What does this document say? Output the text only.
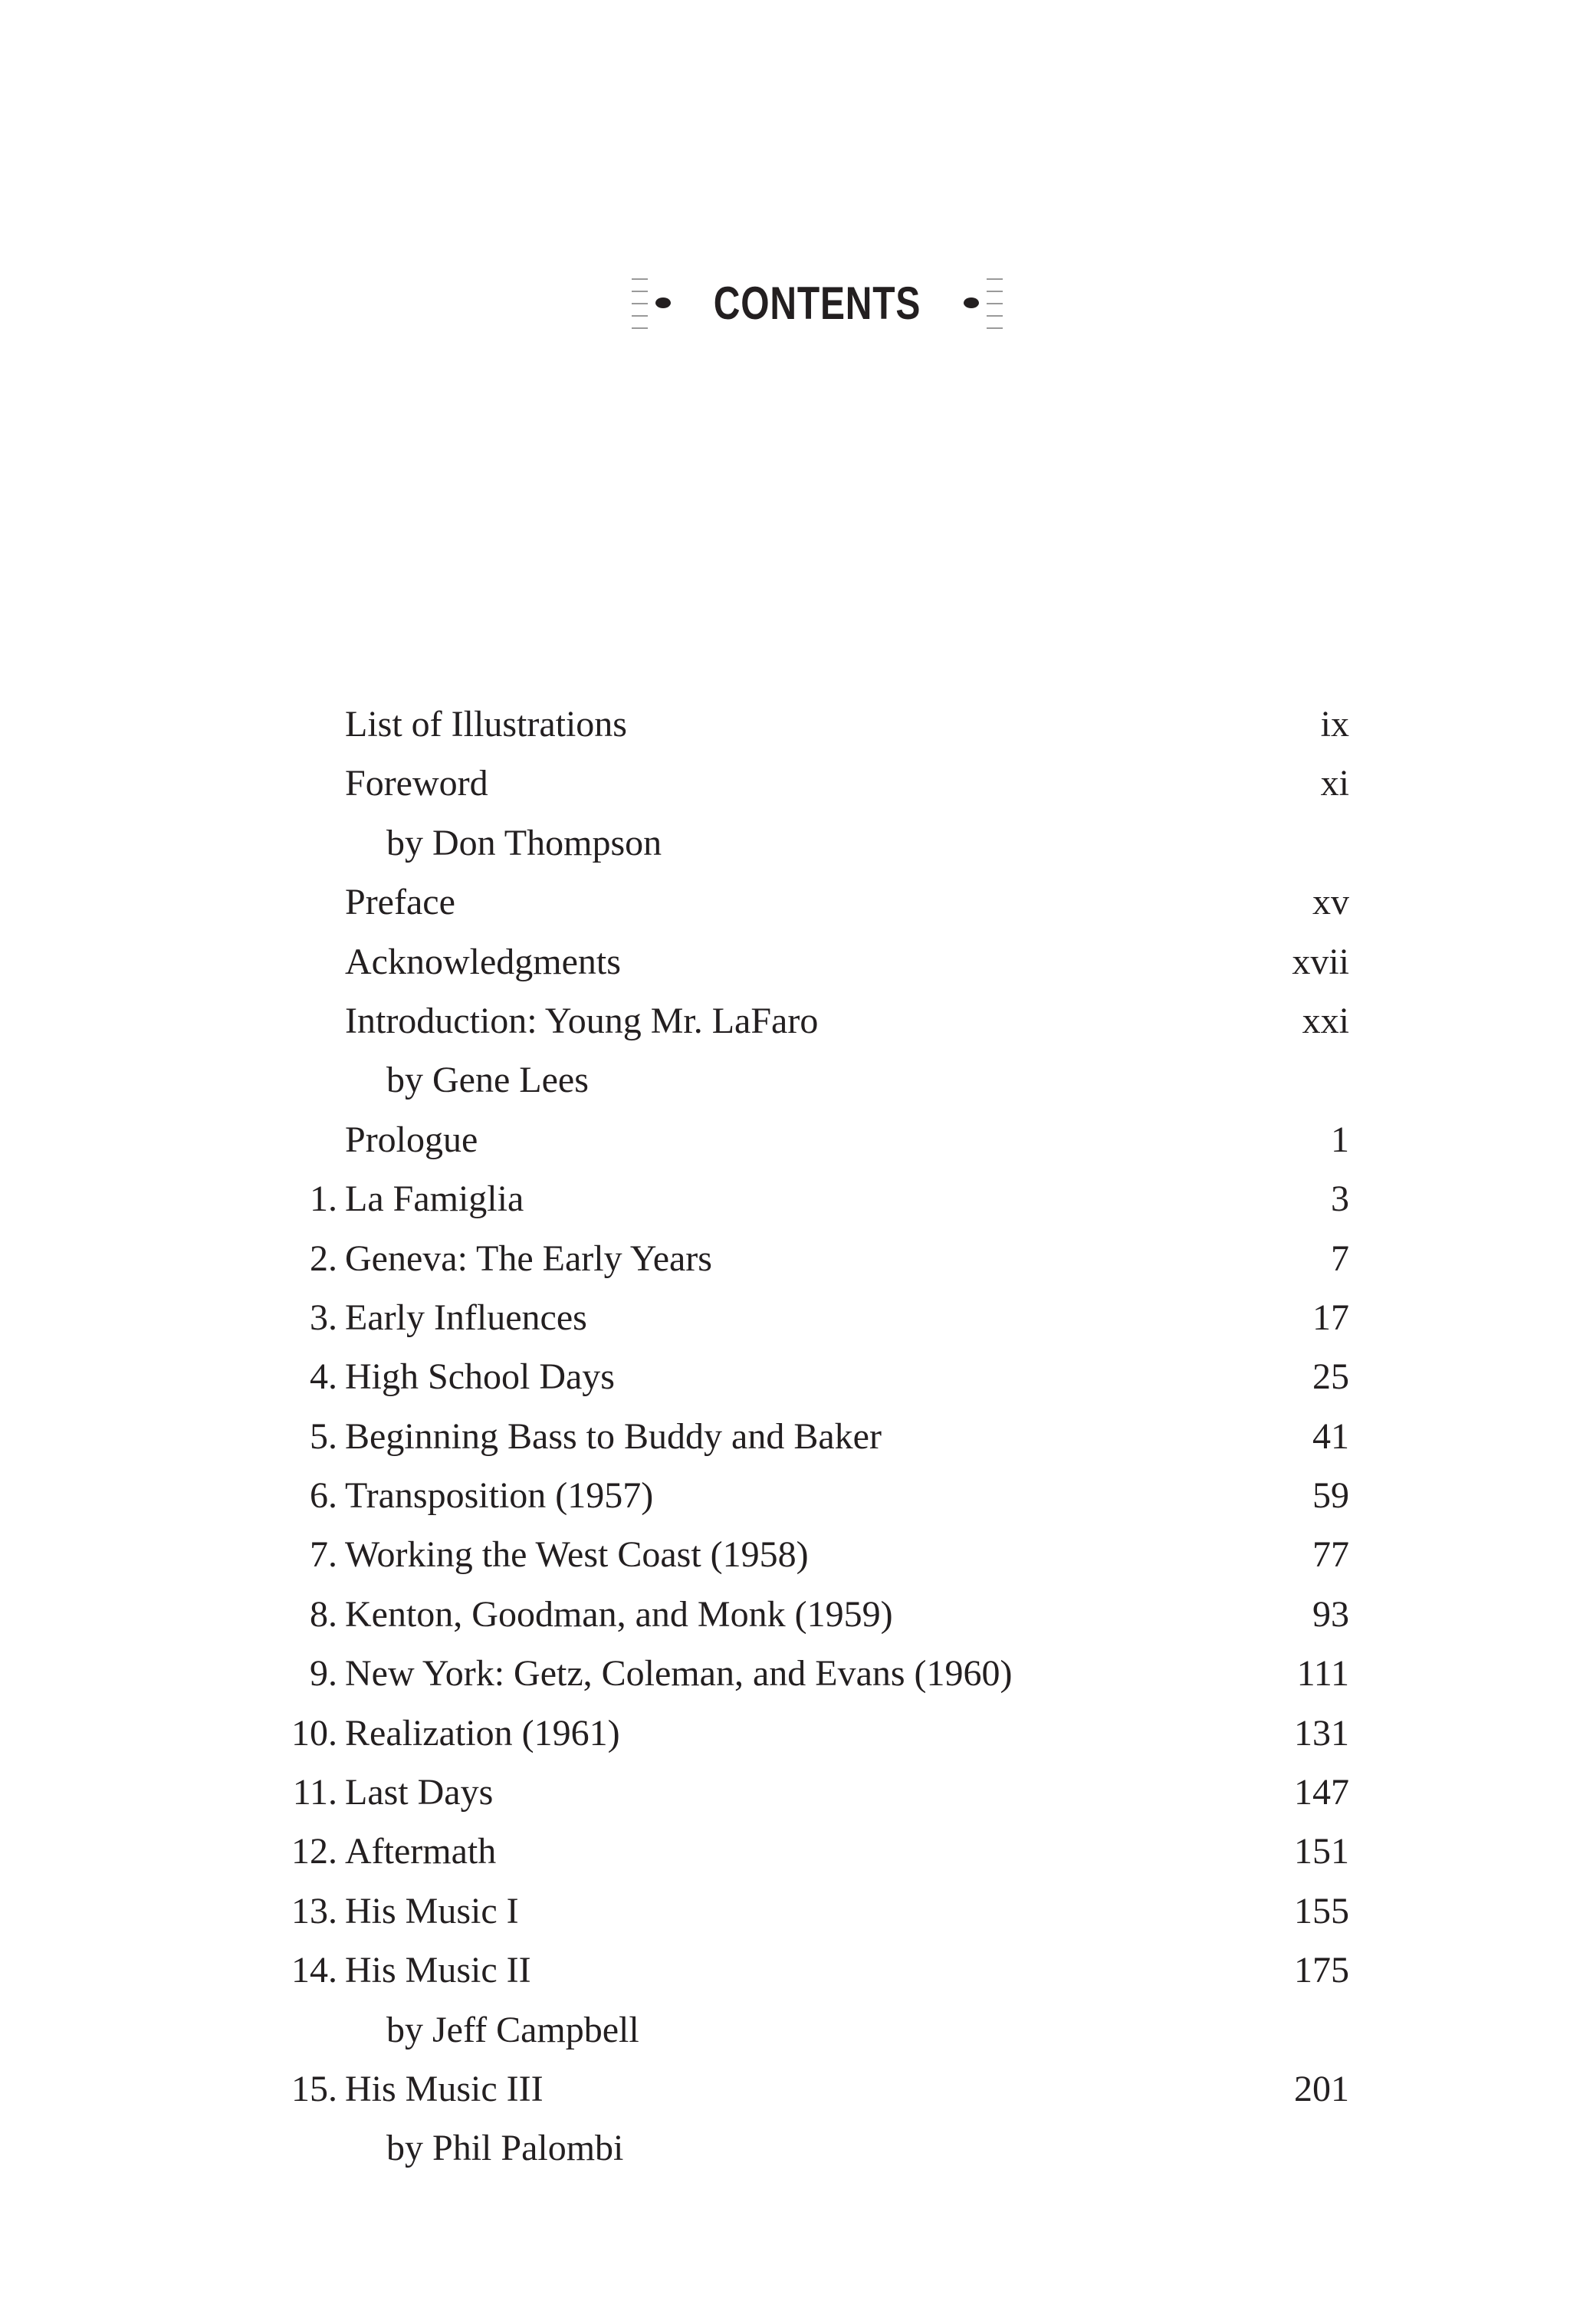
CONTENTS
List of Illustrations	ix
Foreword	xi
by Don Thompson
Preface	xv
Acknowledgments	xvii
Introduction: Young Mr. LaFaro	xxi
by Gene Lees
Prologue	1
1. La Famiglia	3
2. Geneva: The Early Years	7
3. Early Influences	17
4. High School Days	25
5. Beginning Bass to Buddy and Baker	41
6. Transposition (1957)	59
7. Working the West Coast (1958)	77
8. Kenton, Goodman, and Monk (1959)	93
9. New York: Getz, Coleman, and Evans (1960)	111
10. Realization (1961)	131
11. Last Days	147
12. Aftermath	151
13. His Music I	155
14. His Music II	175
by Jeff Campbell
15. His Music III	201
by Phil Palombi
